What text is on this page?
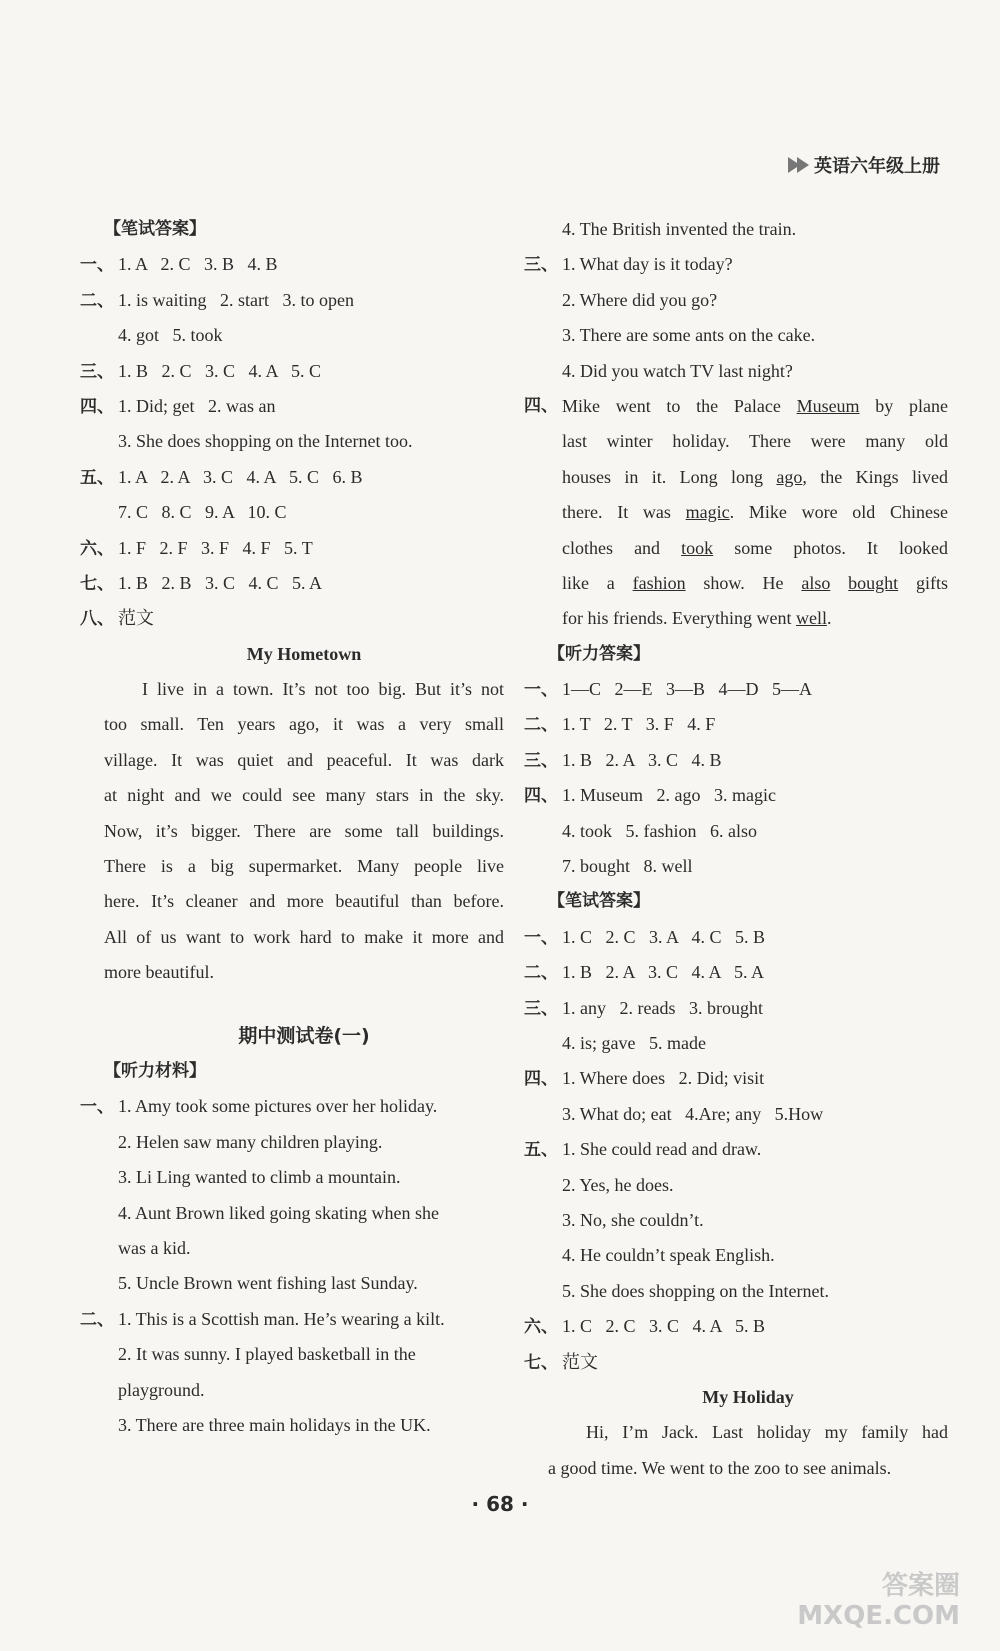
英语六年级上册
【笔试答案】
一、 1. A   2. C   3. B   4. B
二、 1. is waiting   2. start   3. to open
4. got   5. took
三、 1. B   2. C   3. C   4. A   5. C
四、 1. Did; get   2. was an
3. She does shopping on the Internet too.
五、 1. A   2. A   3. C   4. A   5. C   6. B
7. C   8. C   9. A   10. C
六、 1. F   2. F   3. F   4. F   5. T
七、 1. B   2. B   3. C   4. C   5. A
八、 范文
My Hometown
I live in a town. It’s not too big. But it’s not
too small. Ten years ago, it was a very small
village. It was quiet and peaceful. It was dark
at night and we could see many stars in the sky.
Now, it’s bigger. There are some tall buildings.
There is a big supermarket. Many people live
here. It’s cleaner and more beautiful than before.
All of us want to work hard to make it more and
more beautiful.
期中测试卷(一)
【听力材料】
一、 1. Amy took some pictures over her holiday.
2. Helen saw many children playing.
3. Li Ling wanted to climb a mountain.
4. Aunt Brown liked going skating when she
was a kid.
5. Uncle Brown went fishing last Sunday.
二、 1. This is a Scottish man. He’s wearing a kilt.
2. It was sunny. I played basketball in the
playground.
3. There are three main holidays in the UK.
4. The British invented the train.
三、 1. What day is it today?
2. Where did you go?
3. There are some ants on the cake.
4. Did you watch TV last night?
四、 Mike went to the Palace Museum by plane
last winter holiday. There were many old
houses in it. Long long ago, the Kings lived
there. It was magic. Mike wore old Chinese
clothes and took some photos. It looked
like a fashion show. He also bought gifts
for his friends. Everything went well.
【听力答案】
一、 1—C   2—E   3—B   4—D   5—A
二、 1. T   2. T   3. F   4. F
三、 1. B   2. A   3. C   4. B
四、 1. Museum   2. ago   3. magic
4. took   5. fashion   6. also
7. bought   8. well
【笔试答案】
一、 1. C   2. C   3. A   4. C   5. B
二、 1. B   2. A   3. C   4. A   5. A
三、 1. any   2. reads   3. brought
4. is; gave   5. made
四、 1. Where does   2. Did; visit
3. What do; eat   4.Are; any   5.How
五、 1. She could read and draw.
2. Yes, he does.
3. No, she couldn’t.
4. He couldn’t speak English.
5. She does shopping on the Internet.
六、 1. C   2. C   3. C   4. A   5. B
七、 范文
My Holiday
Hi, I’m Jack. Last holiday my family had
a good time. We went to the zoo to see animals.
· 68 ·
答案圈
MXQE.COM
